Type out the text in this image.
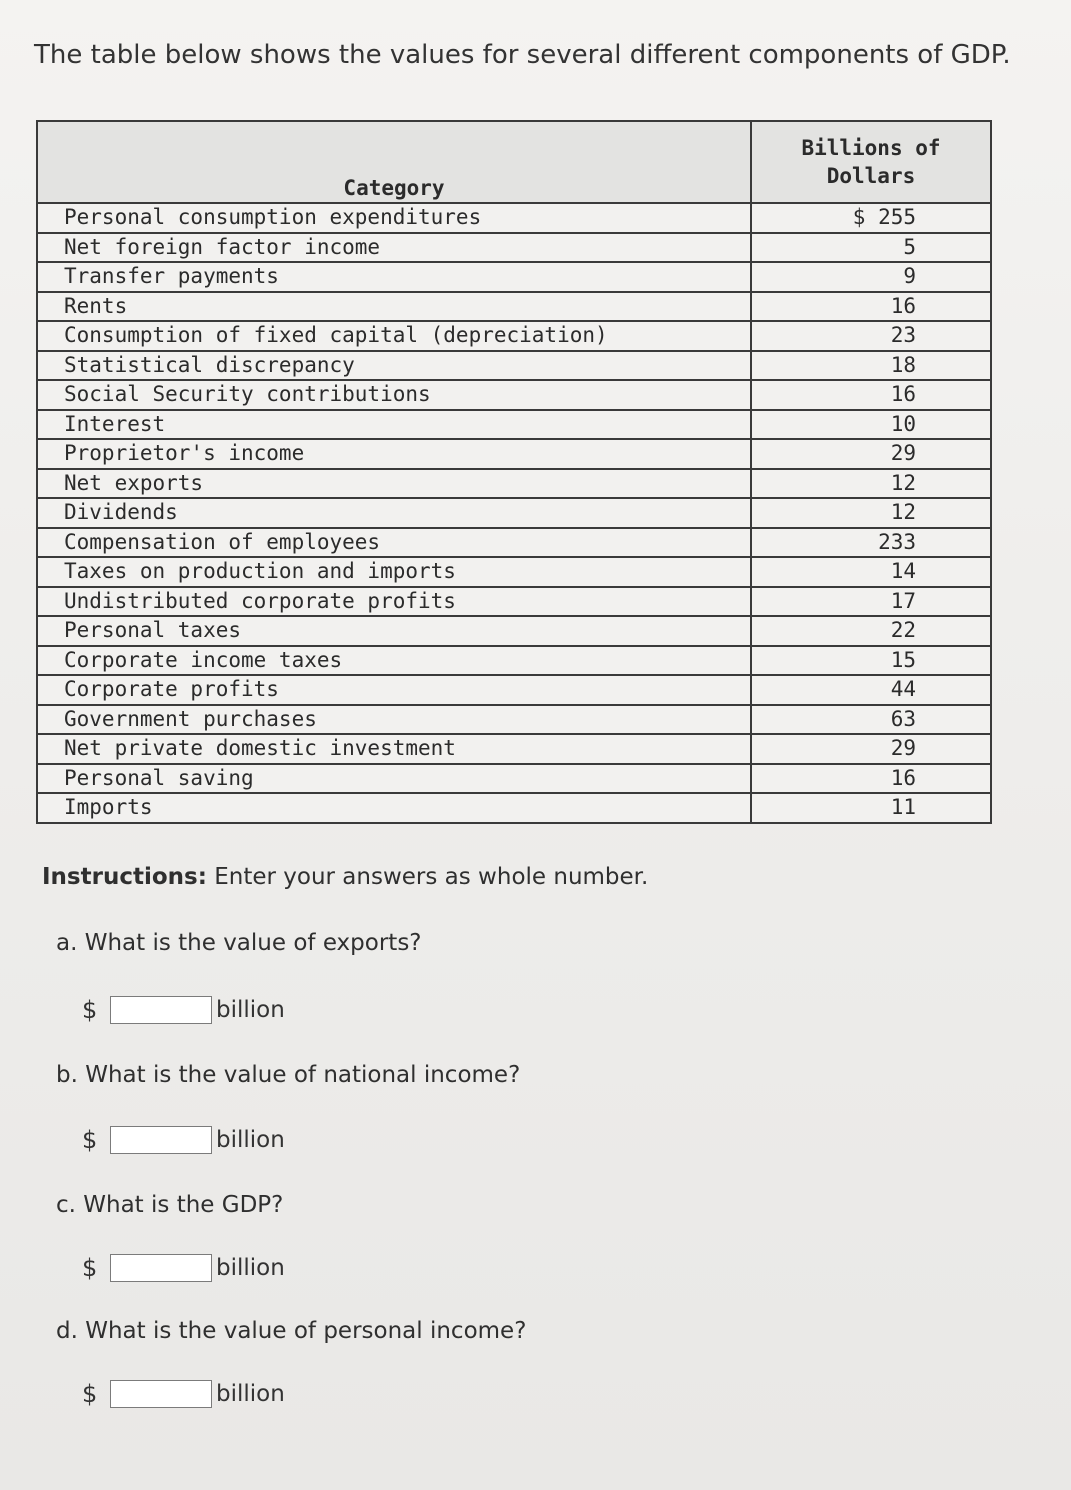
The table below shows the values for several different components of GDP.
Category	Billions of
Dollars
Personal consumption expenditures	$ 255
Net foreign factor income	5
Transfer payments	9
Rents	16
Consumption of fixed capital (depreciation)	23
Statistical discrepancy	18
Social Security contributions	16
Interest	10
Proprietor's income	29
Net exports	12
Dividends	12
Compensation of employees	233
Taxes on production and imports	14
Undistributed corporate profits	17
Personal taxes	22
Corporate income taxes	15
Corporate profits	44
Government purchases	63
Net private domestic investment	29
Personal saving	16
Imports	11
Instructions: Enter your answers as whole number.
a. What is the value of exports?
$	billion
b. What is the value of national income?
$	billion
c. What is the GDP?
$	billion
d. What is the value of personal income?
$	billion
